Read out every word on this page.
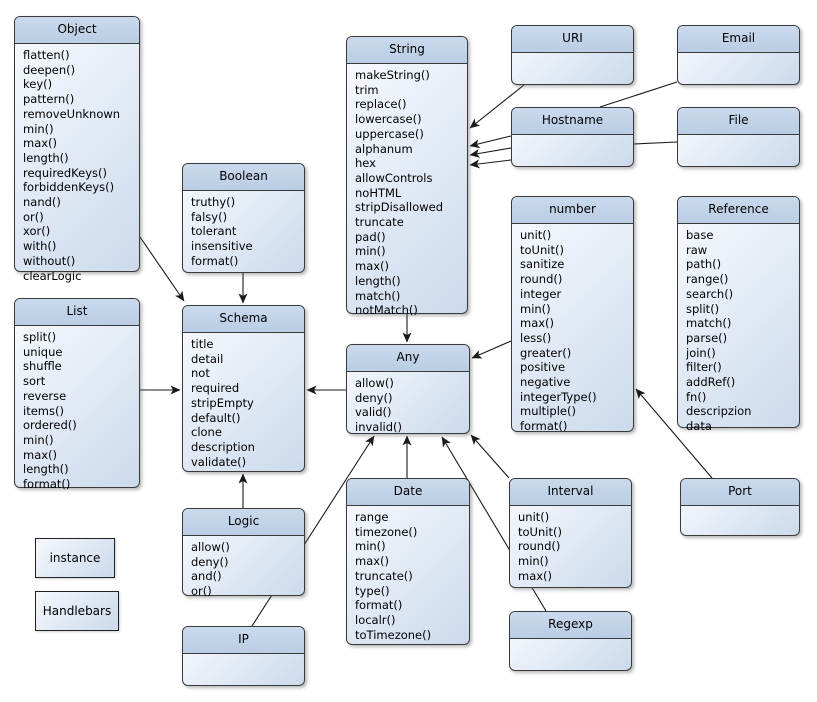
Object
flatten()
deepen()
key()
pattern()
removeUnknown
min()
max()
length()
requiredKeys()
forbiddenKeys()
nand()
or()
xor()
with()
without()
clearLogic
Boolean
truthy()
falsy()
tolerant
insensitive
format()
String
makeString()
trim
replace()
lowercase()
uppercase()
alphanum
hex
allowControls
noHTML
stripDisallowed
truncate
pad()
min()
max()
length()
match()
notMatch()
URI	Email
Hostname	File
number
unit()
toUnit()
sanitize
round()
integer
min()
max()
less()
greater()
positive
negative
integerType()
multiple()
format()
Reference
base
raw
path()
range()
search()
split()
match()
parse()
join()
filter()
addRef()
fn()
descripzion
data
List
split()
unique
shuffle
sort
reverse
items()
ordered()
min()
max()
length()
format()
Schema
title
detail
not
required
stripEmpty
default()
clone
description
validate()
Any
allow()
deny()
valid()
invalid()
Date
range
timezone()
min()
max()
truncate()
type()
format()
localr()
toTimezone()
Interval
unit()
toUnit()
round()
min()
max()
Regexp
Port
Logic
allow()
deny()
and()
or()
IP
instance
Handlebars
